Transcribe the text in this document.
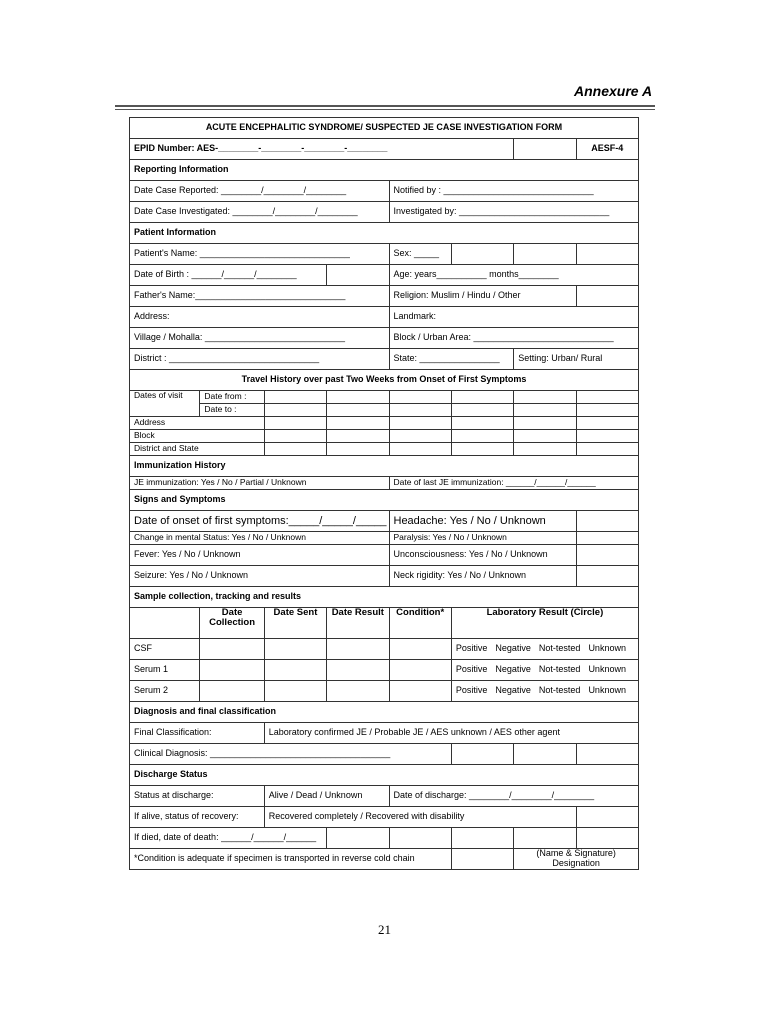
Annexure A
ACUTE ENCEPHALITIC SYNDROME/ SUSPECTED JE CASE INVESTIGATION FORM							
EPID Number: AES-________-________-________-________							AESF-4
Reporting Information							
Date Case Reported: ________/________/________				Notified by : ______________________________			
Date Case Investigated: ________/________/________				Investigated by: ______________________________			
Patient Information							
Patient's Name: ______________________________				Sex: _____			
Date of Birth : ______/______/________				Age: years__________ months________			
Father's Name:______________________________				Religion: Muslim / Hindu / Other			
Address:				Landmark:			
Village / Mohalla: ____________________________				Block / Urban Area: ____________________________			
District : ______________________________				State: ________________		Setting: Urban/ Rural	
Travel History over past Two Weeks from Onset of First Symptoms							
Dates of visit	Date from :						
	Date to :						
Address							
Block							
District and State							
Immunization History							
JE immunization: Yes / No / Partial / Unknown				Date of last JE immunization: ______/______/______			
Signs and Symptoms							
Date of onset of first symptoms:_____/_____/_____				Headache: Yes / No / Unknown			
Change in mental Status: Yes / No / Unknown				Paralysis: Yes / No / Unknown			
Fever: Yes / No / Unknown				Unconsciousness: Yes / No / Unknown			
Seizure: Yes / No / Unknown				Neck rigidity: Yes / No / Unknown			
Sample collection, tracking and results							
	Date Collection	Date Sent	Date Result	Condition*	Laboratory Result (Circle)		
CSF					Positive Negative Not-tested Unknown		
Serum 1					Positive Negative Not-tested Unknown		
Serum 2					Positive Negative Not-tested Unknown		
Diagnosis and final classification							
Final Classification:		Laboratory confirmed JE / Probable JE / AES unknown / AES other agent					
Clinical Diagnosis: ____________________________________							
Discharge Status							
Status at discharge:		Alive / Dead / Unknown		Date of discharge: ________/________/________			
If alive, status of recovery:		Recovered completely / Recovered with disability					
If died, date of death: ______/______/______							
*Condition is adequate if specimen is transported in reverse cold chain						(Name & Signature)
Designation	
21
